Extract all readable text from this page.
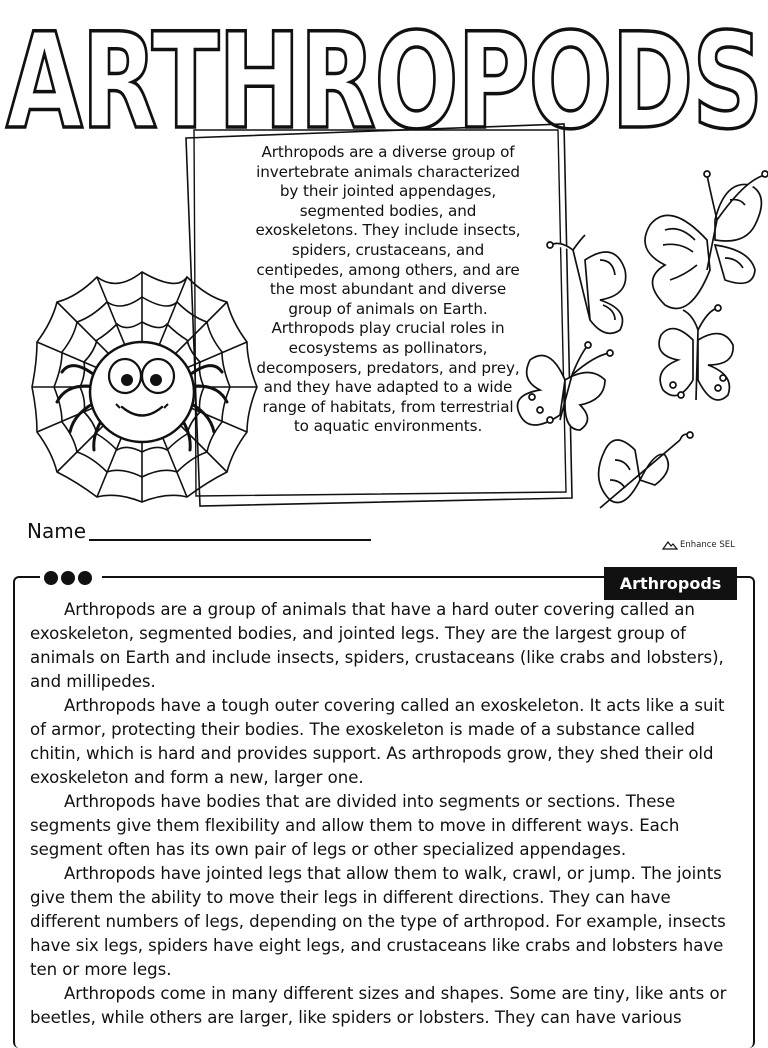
ARTHROPODS
Arthropods are a diverse group of invertebrate animals characterized by their jointed appendages, segmented bodies, and exoskeletons. They include insects, spiders, crustaceans, and centipedes, among others, and are the most abundant and diverse group of animals on Earth. Arthropods play crucial roles in ecosystems as pollinators, decomposers, predators, and prey, and they have adapted to a wide range of habitats, from terrestrial to aquatic environments.
Name
Enhance SEL
Arthropods

Arthropods are a group of animals that have a hard outer covering called an exoskeleton, segmented bodies, and jointed legs. They are the largest group of animals on Earth and include insects, spiders, crustaceans (like crabs and lobsters), and millipedes.

Arthropods have a tough outer covering called an exoskeleton. It acts like a suit of armor, protecting their bodies. The exoskeleton is made of a substance called chitin, which is hard and provides support. As arthropods grow, they shed their old exoskeleton and form a new, larger one.

Arthropods have bodies that are divided into segments or sections. These segments give them flexibility and allow them to move in different ways. Each segment often has its own pair of legs or other specialized appendages.

Arthropods have jointed legs that allow them to walk, crawl, or jump. The joints give them the ability to move their legs in different directions. They can have different numbers of legs, depending on the type of arthropod. For example, insects have six legs, spiders have eight legs, and crustaceans like crabs and lobsters have ten or more legs.

Arthropods come in many different sizes and shapes. Some are tiny, like ants or beetles, while others are larger, like spiders or lobsters. They can have various
